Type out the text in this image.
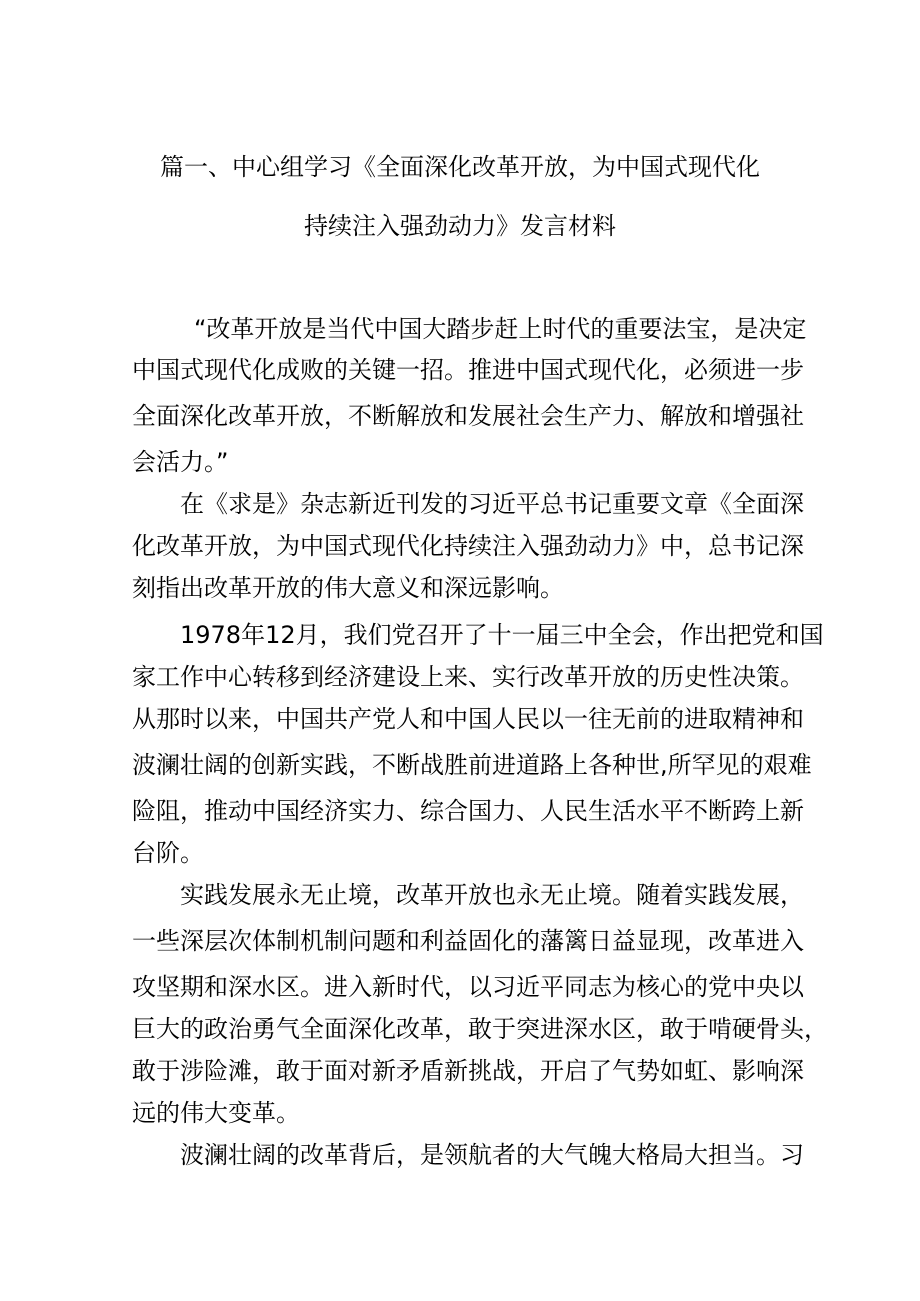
篇一、中心组学习《全面深化改革开放，为中国式现代化
持续注入强劲动力》发言材料
“改革开放是当代中国大踏步赶上时代的重要法宝，是决定
中国式现代化成败的关键一招。推进中国式现代化，必须进一步
全面深化改革开放，不断解放和发展社会生产力、解放和增强社
会活力。”
在《求是》杂志新近刊发的习近平总书记重要文章《全面深
化改革开放，为中国式现代化持续注入强劲动力》中，总书记深
刻指出改革开放的伟大意义和深远影响。
1978年12月，我们党召开了十一届三中全会，作出把党和国
家工作中心转移到经济建设上来、实行改革开放的历史性决策。
从那时以来，中国共产党人和中国人民以一往无前的进取精神和
波澜壮阔的创新实践，不断战胜前进道路上各种世,所罕见的艰难
险阻，推动中国经济实力、综合国力、人民生活水平不断跨上新
台阶。
实践发展永无止境，改革开放也永无止境。随着实践发展，
一些深层次体制机制问题和利益固化的藩篱日益显现，改革进入
攻坚期和深水区。进入新时代，以习近平同志为核心的党中央以
巨大的政治勇气全面深化改革，敢于突进深水区，敢于啃硬骨头，
敢于涉险滩，敢于面对新矛盾新挑战，开启了气势如虹、影响深
远的伟大变革。
波澜壮阔的改革背后，是领航者的大气魄大格局大担当。习
